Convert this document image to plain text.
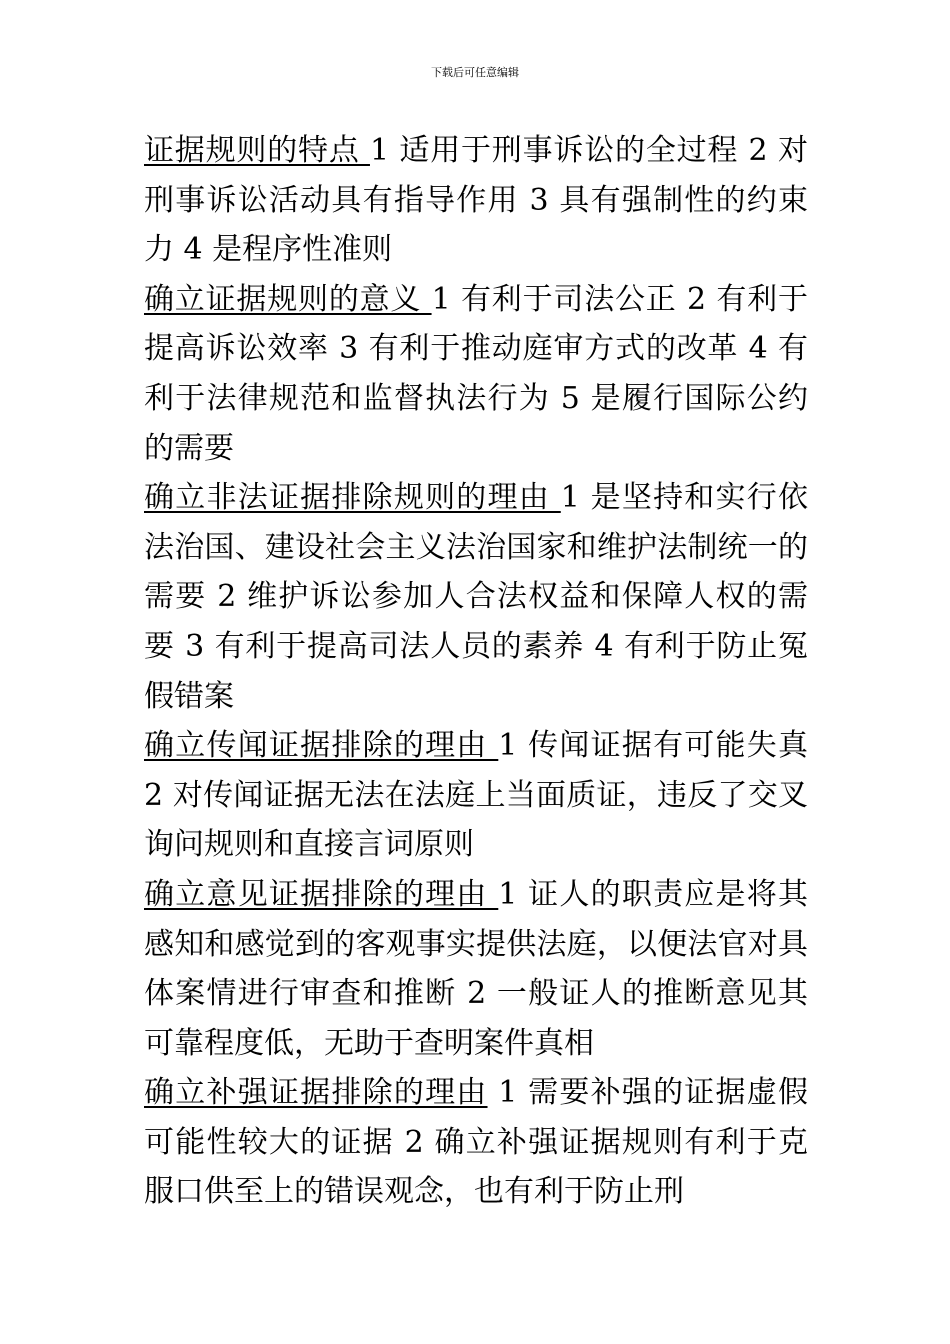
下载后可任意编辑

证据规则的特点 1 适用于刑事诉讼的全过程 2 对刑事诉讼活动具有指导作用 3 具有强制性的约束力 4 是程序性准则

确立证据规则的意义 1 有利于司法公正 2 有利于提高诉讼效率 3 有利于推动庭审方式的改革 4 有利于法律规范和监督执法行为 5 是履行国际公约的需要

确立非法证据排除规则的理由 1 是坚持和实行依法治国、建设社会主义法治国家和维护法制统一的需要 2 维护诉讼参加人合法权益和保障人权的需要 3 有利于提高司法人员的素养 4 有利于防止冤假错案

确立传闻证据排除的理由 1 传闻证据有可能失真 2 对传闻证据无法在法庭上当面质证，违反了交叉询问规则和直接言词原则

确立意见证据排除的理由 1 证人的职责应是将其感知和感觉到的客观事实提供法庭，以便法官对具体案情进行审查和推断 2 一般证人的推断意见其可靠程度低，无助于查明案件真相

确立补强证据排除的理由 1 需要补强的证据虚假可能性较大的证据 2 确立补强证据规则有利于克服口供至上的错误观念，也有利于防止刑
